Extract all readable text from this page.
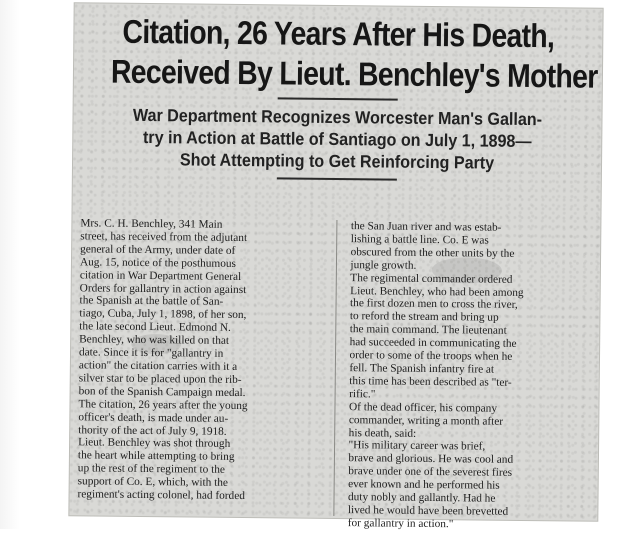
Citation, 26 Years After His Death,
Received By Lieut. Benchley's Mother
War Department Recognizes Worcester Man's Gallan-
try in Action at Battle of Santiago on July 1, 1898—
Shot Attempting to Get Reinforcing Party
Mrs. C. H. Benchley, 341 Main
street, has received from the adjutant
general of the Army, under date of
Aug. 15, notice of the posthumous
citation in War Department General
Orders for gallantry in action against
the Spanish at the battle of San-
tiago, Cuba, July 1, 1898, of her son,
the late second Lieut. Edmond N.
Benchley, who was killed on that
date. Since it is for "gallantry in
action" the citation carries with it a
silver star to be placed upon the rib-
bon of the Spanish Campaign medal.
The citation, 26 years after the young
officer's death, is made under au-
thority of the act of July 9, 1918.
Lieut. Benchley was shot through
the heart while attempting to bring
up the rest of the regiment to the
support of Co. E, which, with the
regiment's acting colonel, had forded
the San Juan river and was estab-
lishing a battle line. Co. E was
obscured from the other units by the
jungle growth.
The regimental commander ordered
Lieut. Benchley, who had been among
the first dozen men to cross the river,
to reford the stream and bring up
the main command. The lieutenant
had succeeded in communicating the
order to some of the troops when he
fell. The Spanish infantry fire at
this time has been described as "ter-
rific."
Of the dead officer, his company
commander, writing a month after
his death, said:
"His military career was brief,
brave and glorious. He was cool and
brave under one of the severest fires
ever known and he performed his
duty nobly and gallantly. Had he
lived he would have been brevetted
for gallantry in action."
